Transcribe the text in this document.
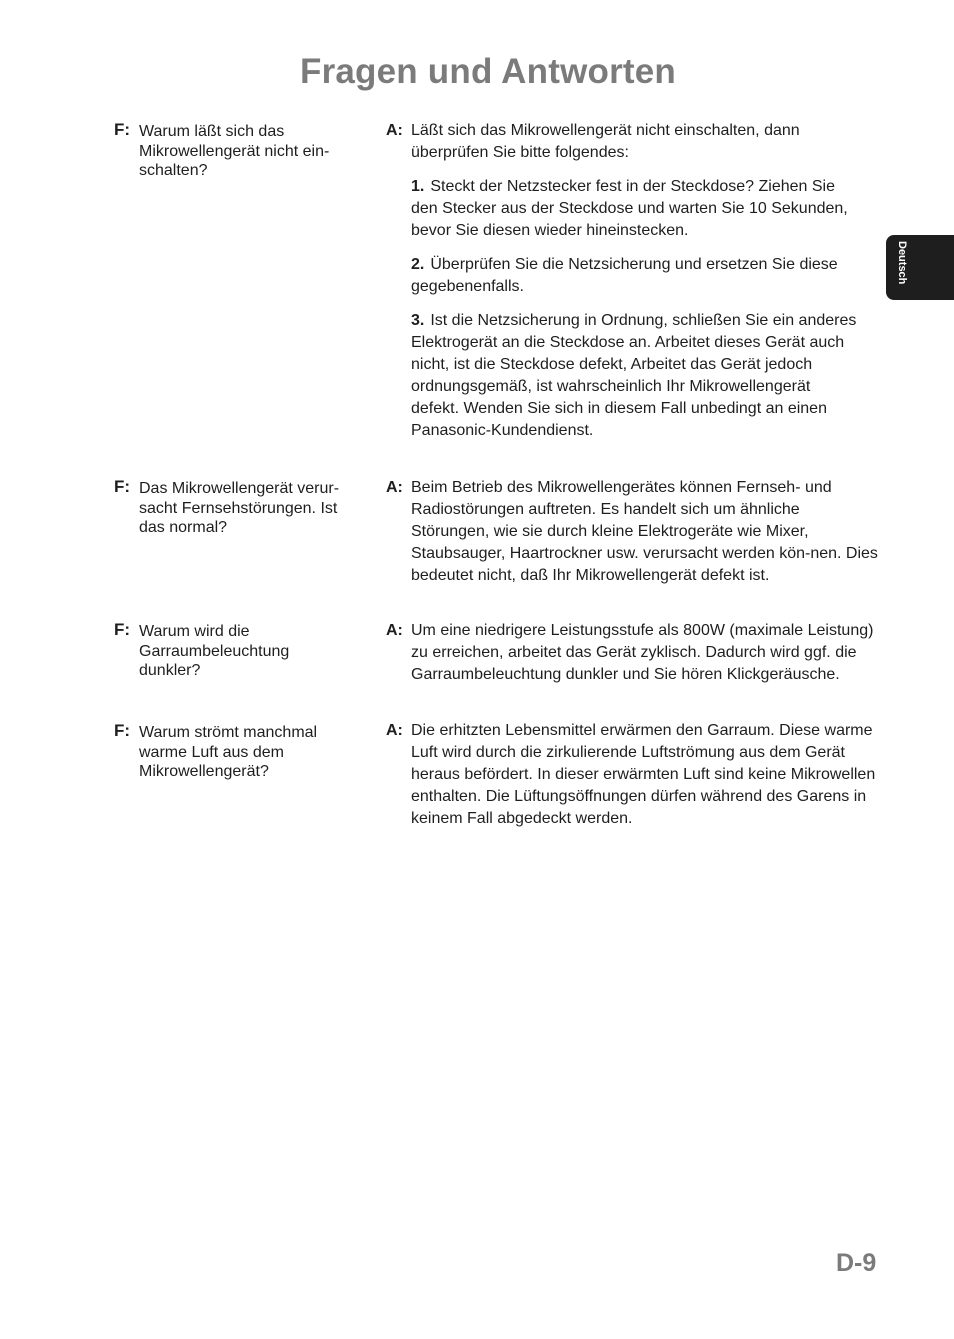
Fragen und Antworten
Deutsch
F: Warum läßt sich das Mikrowellengerät nicht ein-schalten?
A: Läßt sich das Mikrowellengerät nicht einschalten, dann überprüfen Sie bitte folgendes:

1. Steckt der Netzstecker fest in der Steckdose? Ziehen Sie den Stecker aus der Steckdose und warten Sie 10 Sekunden, bevor Sie diesen wieder hineinstecken.

2. Überprüfen Sie die Netzsicherung und ersetzen Sie diese gegebenenfalls.

3. Ist die Netzsicherung in Ordnung, schließen Sie ein anderes Elektrogerät an die Steckdose an. Arbeitet dieses Gerät auch nicht, ist die Steckdose defekt, Arbeitet das Gerät jedoch ordnungsgemäß, ist wahrscheinlich Ihr Mikrowellengerät defekt. Wenden Sie sich in diesem Fall unbedingt an einen Panasonic-Kundendienst.

F: Das Mikrowellengerät verur-sacht Fernsehstörungen. Ist das normal?
A: Beim Betrieb des Mikrowellengerätes können Fernseh- und Radiostörungen auftreten. Es handelt sich um ähnliche Störungen, wie sie durch kleine Elektrogeräte wie Mixer, Staubsauger, Haartrockner usw. verursacht werden kön-nen. Dies bedeutet nicht, daß Ihr Mikrowellengerät defekt ist.
F: Warum wird die Garraumbeleuchtung dunkler?
A: Um eine niedrigere Leistungsstufe als 800W (maximale Leistung) zu erreichen, arbeitet das Gerät zyklisch. Dadurch wird ggf. die Garraumbeleuchtung dunkler und Sie hören Klickgeräusche.
F: Warum strömt manchmal warme Luft aus dem Mikrowellengerät?
A: Die erhitzten Lebensmittel erwärmen den Garraum. Diese warme Luft wird durch die zirkulierende Luftströmung aus dem Gerät heraus befördert. In dieser erwärmten Luft sind keine Mikrowellen enthalten. Die Lüftungsöffnungen dürfen während des Garens in keinem Fall abgedeckt werden.
D-9
